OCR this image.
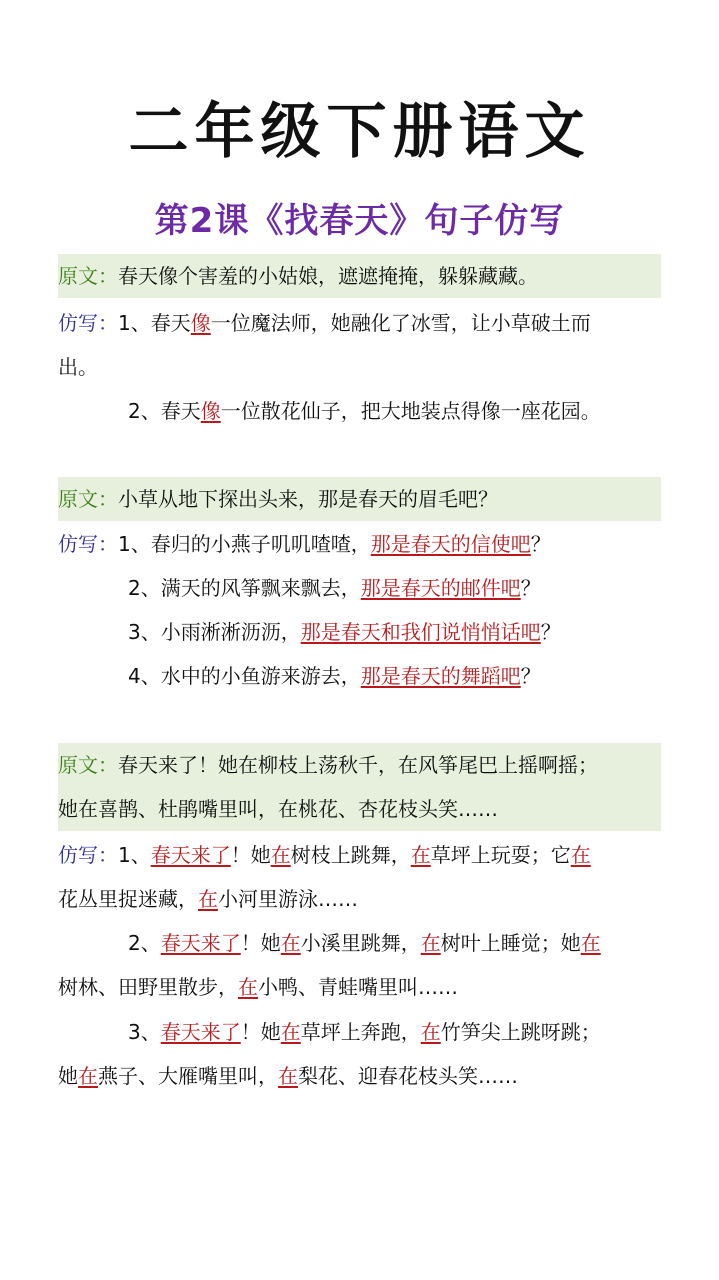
二年级下册语文
第2课《找春天》句子仿写
原文：春天像个害羞的小姑娘，遮遮掩掩，躲躲藏藏。
仿写：1、春天像一位魔法师，她融化了冰雪，让小草破土而
出。
2、春天像一位散花仙子，把大地装点得像一座花园。
原文：小草从地下探出头来，那是春天的眉毛吧？
仿写：1、春归的小燕子叽叽喳喳，那是春天的信使吧？
2、满天的风筝飘来飘去，那是春天的邮件吧？
3、小雨淅淅沥沥，那是春天和我们说悄悄话吧？
4、水中的小鱼游来游去，那是春天的舞蹈吧？
原文：春天来了！她在柳枝上荡秋千，在风筝尾巴上摇啊摇；
她在喜鹊、杜鹃嘴里叫，在桃花、杏花枝头笑……
仿写：1、春天来了！她在树枝上跳舞，在草坪上玩耍；它在
花丛里捉迷藏，在小河里游泳……
2、春天来了！她在小溪里跳舞，在树叶上睡觉；她在
树林、田野里散步，在小鸭、青蛙嘴里叫……
3、春天来了！她在草坪上奔跑，在竹笋尖上跳呀跳；
她在燕子、大雁嘴里叫，在梨花、迎春花枝头笑……
